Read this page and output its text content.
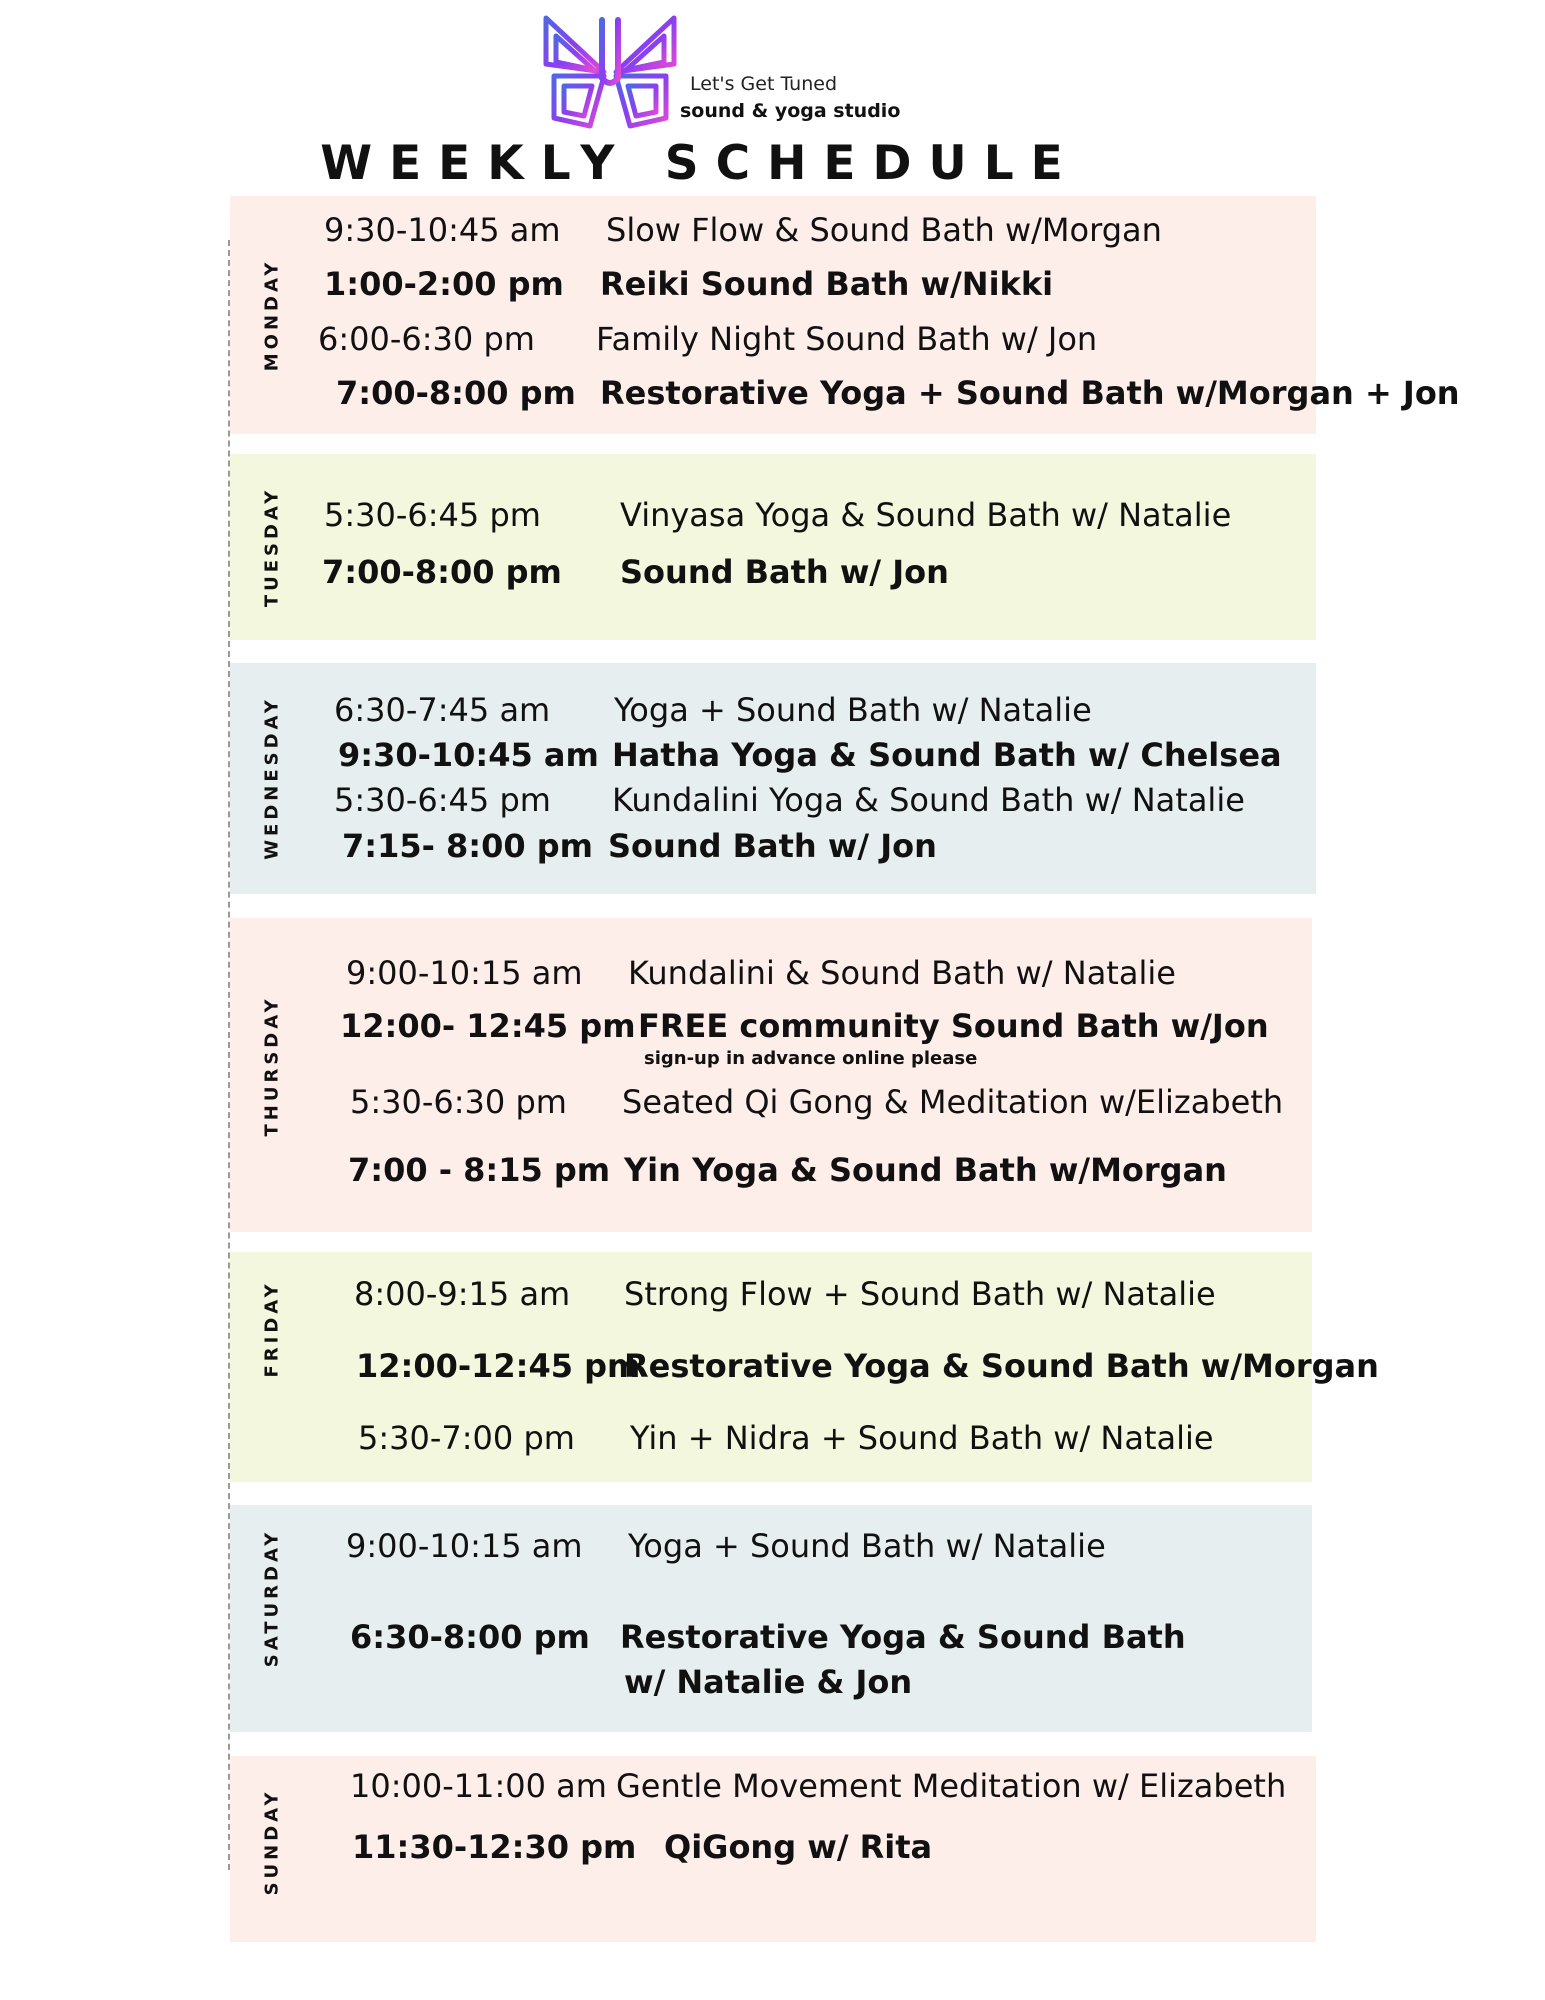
Let's Get Tuned
sound & yoga studio
WEEKLY SCHEDULE
MONDAY
9:30-10:45 am Slow Flow & Sound Bath w/Morgan
1:00-2:00 pm Reiki Sound Bath w/Nikki
6:00-6:30 pm Family Night Sound Bath w/ Jon
7:00-8:00 pm Restorative Yoga + Sound Bath w/Morgan + Jon
TUESDAY 5:30-6:45 pm Vinyasa Yoga & Sound Bath w/ Natalie
7:00-8:00 pm Sound Bath w/ Jon
WEDNESDAY 6:30-7:45 am Yoga + Sound Bath w/ Natalie
9:30-10:45 am Hatha Yoga & Sound Bath w/ Chelsea
5:30-6:45 pm Kundalini Yoga & Sound Bath w/ Natalie
7:15- 8:00 pm Sound Bath w/ Jon
THURSDAY
9:00-10:15 am Kundalini & Sound Bath w/ Natalie
12:00- 12:45 pm FREE community Sound Bath w/Jon
sign-up in advance online please
5:30-6:30 pm Seated Qi Gong & Meditation w/Elizabeth
7:00 - 8:15 pm Yin Yoga & Sound Bath w/Morgan
FRIDAY 8:00-9:15 am Strong Flow + Sound Bath w/ Natalie
12:00-12:45 pm
Restorative Yoga & Sound Bath w/Morgan
5:30-7:00 pm Yin + Nidra + Sound Bath w/ Natalie
SATURDAY 9:00-10:15 am Yoga + Sound Bath w/ Natalie
6:30-8:00 pm Restorative Yoga & Sound Bath
w/ Natalie & Jon
SUNDAY
10:00-11:00 am Gentle Movement Meditation w/ Elizabeth
11:30-12:30 pm QiGong w/ Rita
